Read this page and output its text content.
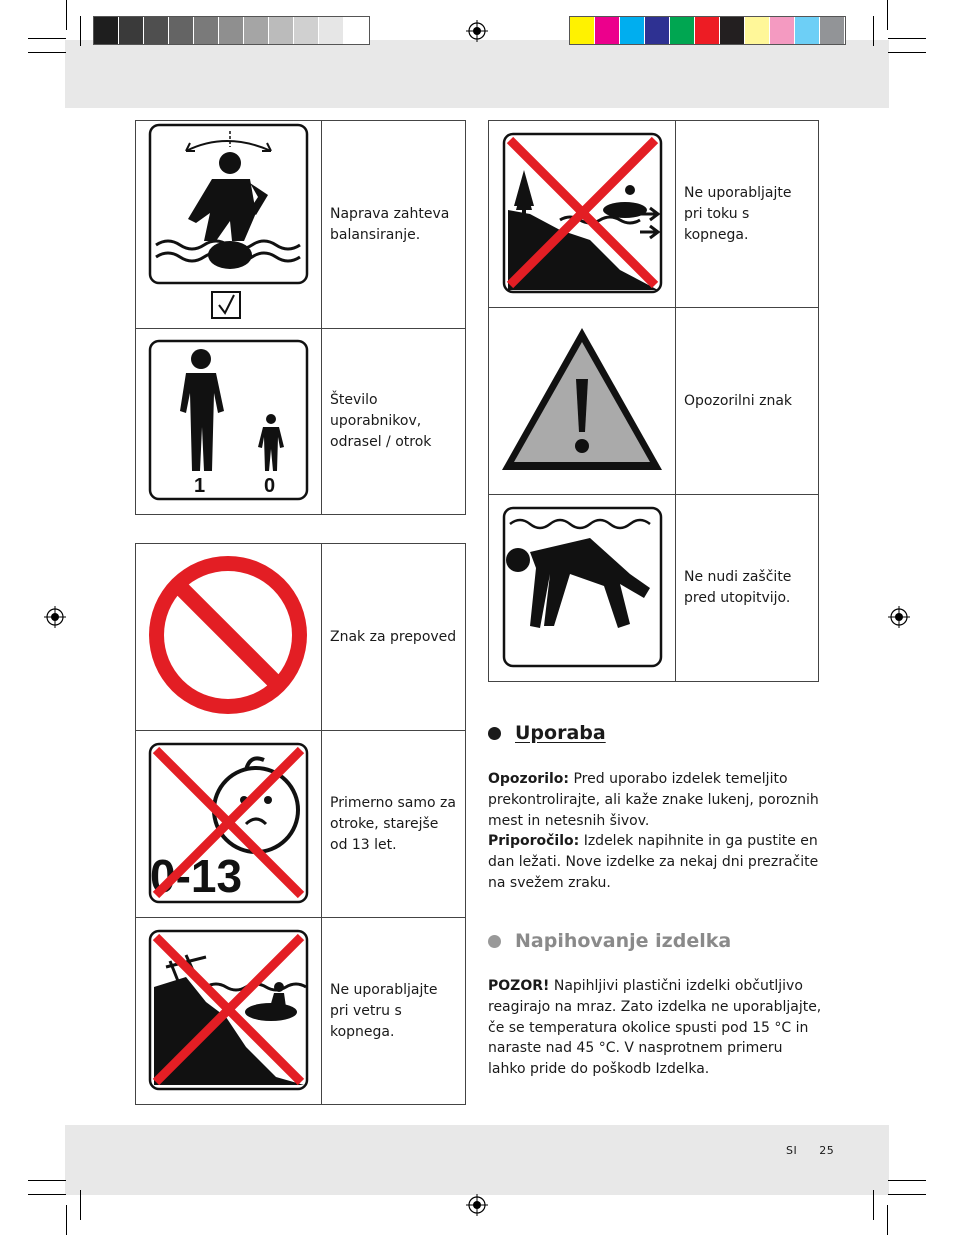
	Naprava zahteva balansiranje.

1 0	Število uporabnikov, odrasel / otrok
	Znak za prepoved

0-13	Primerno samo za otroke, starejše od 13 let.
	Ne uporabljajte pri vetru s kopnega.
	Ne uporabljajte pri toku s kopnega.
	Opozorilni znak
	Ne nudi zaščite pred utopitvijo.
Uporaba
Opozorilo: Pred uporabo izdelek temeljito prekontrolirajte, ali kaže znake lukenj, poroznih mest in netesnih šivov.
Priporočilo: Izdelek napihnite in ga pustite en dan ležati. Nove izdelke za nekaj dni prezračite na svežem zraku.
Napihovanje izdelka
POZOR! Napihljivi plastični izdelki občutljivo reagirajo na mraz. Zato izdelka ne uporabljajte, če se temperatura okolice spusti pod 15 °C in naraste nad 45 °C. V nasprotnem primeru lahko pride do poškodb Izdelka.
SI 25
